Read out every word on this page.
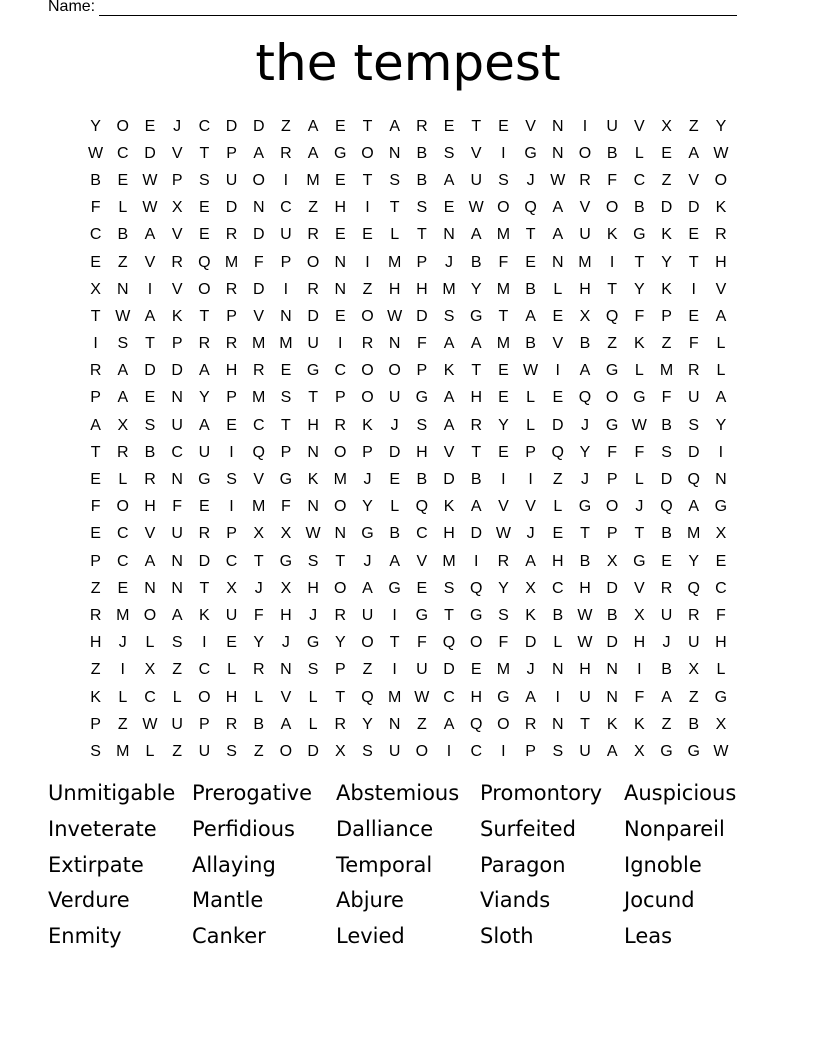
Name:
the tempest
Y O E	J	C D D	Z	A	E	T	A	R	E	T	E	V	N	I	U	V	X	Z	Y
W C D	V	T	P	A	R	A G O N	B	S	V	I	G N O B	L	E	A W
B	E W P	S	U O	I	M E	T	S	B	A	U	S	J W R	F	C	Z	V O
F	L W X	E	D N C	Z	H	I	T	S	E W O Q A	V O B	D D	K
C	B	A	V	E	R D U R	E	E	L	T	N	A M T	A	U	K G K	E	R
E	Z	V	R Q M F	P O N	I	M P	J	B	F	E	N M	I	T	Y	T	H
X	N	I	V O R D	I	R N	Z	H H M Y M B	L	H	T	Y	K	I	V
T W A	K	T	P	V	N D	E O W D	S G	T	A	E	X Q	F	P	E	A
I	S	T	P	R R M M U	I	R N	F	A	A M B	V	B	Z	K	Z	F	L
R	A	D D	A	H R	E G C O O P	K	T	E W	I	A G	L	M R	L
P	A	E	N	Y	P M S	T	P O U G A	H	E	L	E Q O G	F	U	A
A	X	S	U	A	E	C	T	H R	K	J	S	A	R	Y	L	D	J	G W B	S	Y
T	R	B	C U	I	Q P	N O P	D H	V	T	E	P Q Y	F	F	S	D	I
E	L	R N G S	V G K M	J	E	B	D	B	I	I	Z	J	P	L	D Q N
F	O H	F	E	I	M F	N O Y	L	Q K	A	V	V	L	G O	J	Q A G
E	C	V	U R	P	X	X W N G B	C H D W J	E	T	P	T	B M X
P	C	A	N D C	T	G S	T	J	A	V M	I	R	A	H	B	X G E	Y	E
Z	E	N N	T	X	J	X	H O A G E	S Q Y	X	C H D	V	R Q C
R M O A	K	U	F	H	J	R U	I	G	T	G S	K	B W B	X	U R	F
H	J	L	S	I	E	Y	J	G Y O	T	F	Q O	F	D	L W D H	J	U H
Z	I	X	Z	C	L	R N	S	P	Z	I	U D	E M	J	N H N	I	B	X	L
K	L	C	L	O H	L	V	L	T	Q M W C H G A	I	U N	F	A	Z	G
P	Z W U	P	R	B	A	L	R	Y	N	Z	A Q O R N	T	K	K	Z	B	X
S M	L	Z	U	S	Z	O D	X	S	U O	I	C	I	P	S	U	A	X G G W
Unmitigable Prerogative	Abstemious Promontory	Auspicious
Inveterate	Perfidious	Dalliance	Surfeited	Nonpareil
Extirpate	Allaying	Temporal	Paragon	Ignoble
Verdure	Mantle	Abjure	Viands	Jocund
Enmity	Canker	Levied	Sloth	Leas
